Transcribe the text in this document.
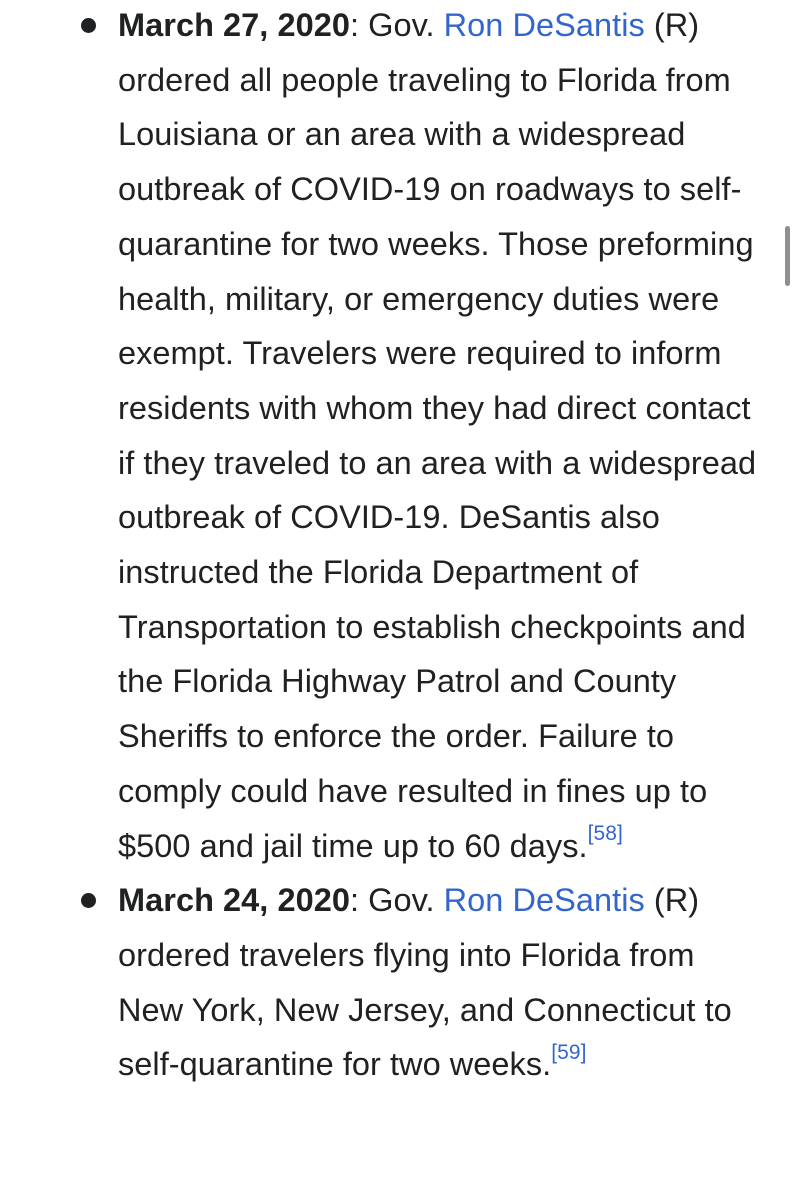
March 27, 2020: Gov. Ron DeSantis (R) ordered all people traveling to Florida from Louisiana or an area with a widespread outbreak of COVID-19 on roadways to self-quarantine for two weeks. Those preforming health, military, or emergency duties were exempt. Travelers were required to inform residents with whom they had direct contact if they traveled to an area with a widespread outbreak of COVID-19. DeSantis also instructed the Florida Department of Transportation to establish checkpoints and the Florida Highway Patrol and County Sheriffs to enforce the order. Failure to comply could have resulted in fines up to $500 and jail time up to 60 days.[58]
March 24, 2020: Gov. Ron DeSantis (R) ordered travelers flying into Florida from New York, New Jersey, and Connecticut to self-quarantine for two weeks.[59]
